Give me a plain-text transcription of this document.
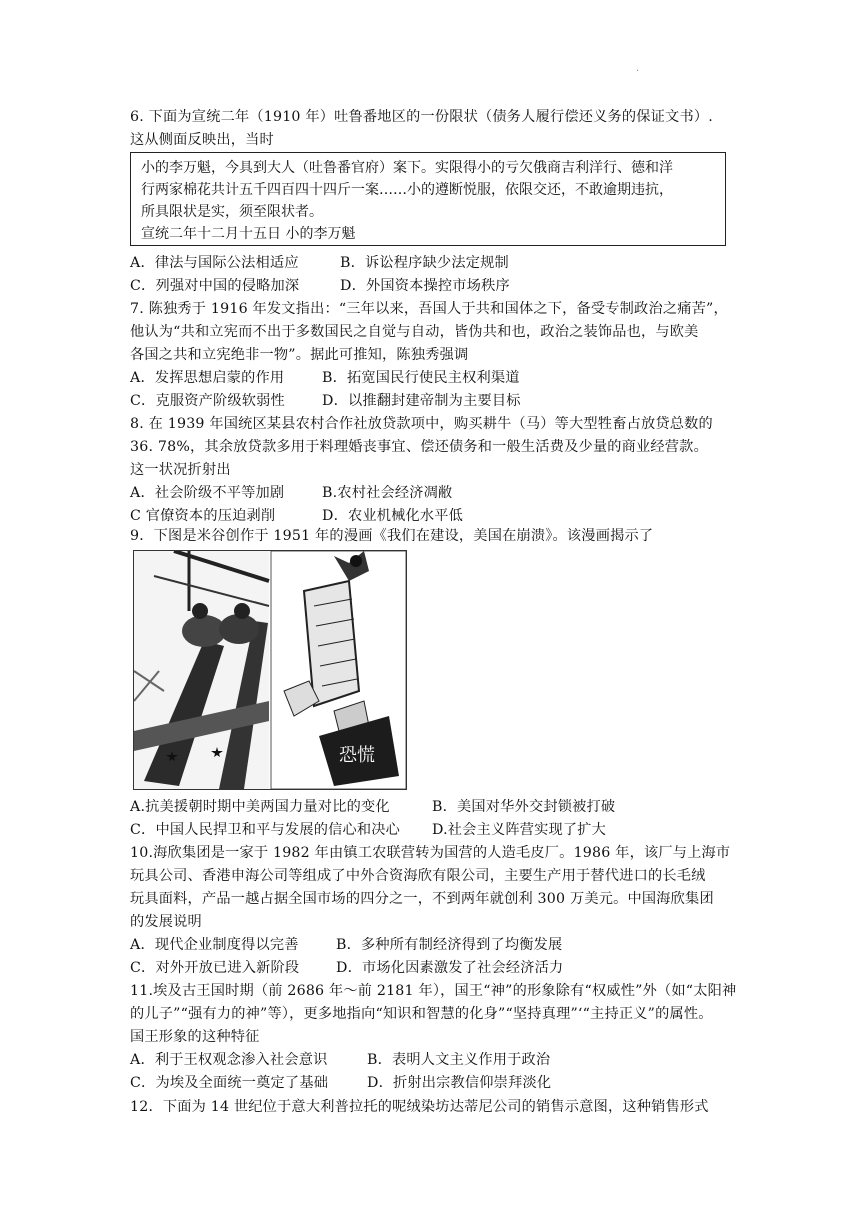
·
6. 下面为宣统二年（1910 年）吐鲁番地区的一份限状（债务人履行偿还义务的保证文书）.
这从侧面反映出，当时
小的李万魁，今具到大人（吐鲁番官府）案下。实限得小的亏欠俄商吉利洋行、德和洋
行两家棉花共计五千四百四十四斤一案……小的遵断悦服，依限交还，不敢逾期违抗，
所具限状是实，须至限状者。
宣统二年十二月十五日 小的李万魁
A．律法与国际公法相适应	B．诉讼程序缺少法定规制
C．列强对中国的侵略加深	D．外国资本操控市场秩序
7. 陈独秀于 1916 年发文指出：“三年以来，吾国人于共和国体之下，备受专制政治之痛苦”，
他认为“共和立宪而不出于多数国民之自觉与自动，皆伪共和也，政治之装饰品也，与欧美
各国之共和立宪绝非一物”。据此可推知，陈独秀强调
A．发挥思想启蒙的作用	B．拓宽国民行使民主权利渠道
C．克服资产阶级软弱性	D．以推翻封建帝制为主要目标
8. 在 1939 年国统区某县农村合作社放贷款项中，购买耕牛（马）等大型牲畜占放贷总数的
36. 78%，其余放贷款多用于料理婚丧事宜、偿还债务和一般生活费及少量的商业经营款。
这一状况折射出
A．社会阶级不平等加剧	B.农村社会经济凋敝
C 官僚资本的压迫剥削	D．农业机械化水平低
9．下图是米谷创作于 1951 年的漫画《我们在建设，美国在崩溃》。该漫画揭示了
恐慌
A.抗美援朝时期中美两国力量对比的变化	B．美国对华外交封锁被打破
C．中国人民捍卫和平与发展的信心和决心	D.社会主义阵营实现了扩大
10.海欣集团是一家于 1982 年由镇工农联营转为国营的人造毛皮厂。1986 年，该厂与上海市
玩具公司、香港申海公司等组成了中外合资海欣有限公司，主要生产用于替代进口的长毛绒
玩具面料，产品一越占据全国市场的四分之一，不到两年就创利 300 万美元。中国海欣集团
的发展说明
A．现代企业制度得以完善	B．多种所有制经济得到了均衡发展
C．对外开放已进入新阶段	D．市场化因素激发了社会经济活力
11.埃及古王国时期（前 2686 年～前 2181 年），国王“神”的形象除有“权威性”外（如“太阳神
的儿子”“强有力的神”等），更多地指向“知识和智慧的化身”“坚持真理”‘“主持正义”的属性。
国王形象的这种特征
A．利于王权观念渗入社会意识	B．表明人文主义作用于政治
C．为埃及全面统一奠定了基础	D．折射出宗教信仰崇拜淡化
12．下面为 14 世纪位于意大利普拉托的呢绒染坊达蒂尼公司的销售示意图，这种销售形式
